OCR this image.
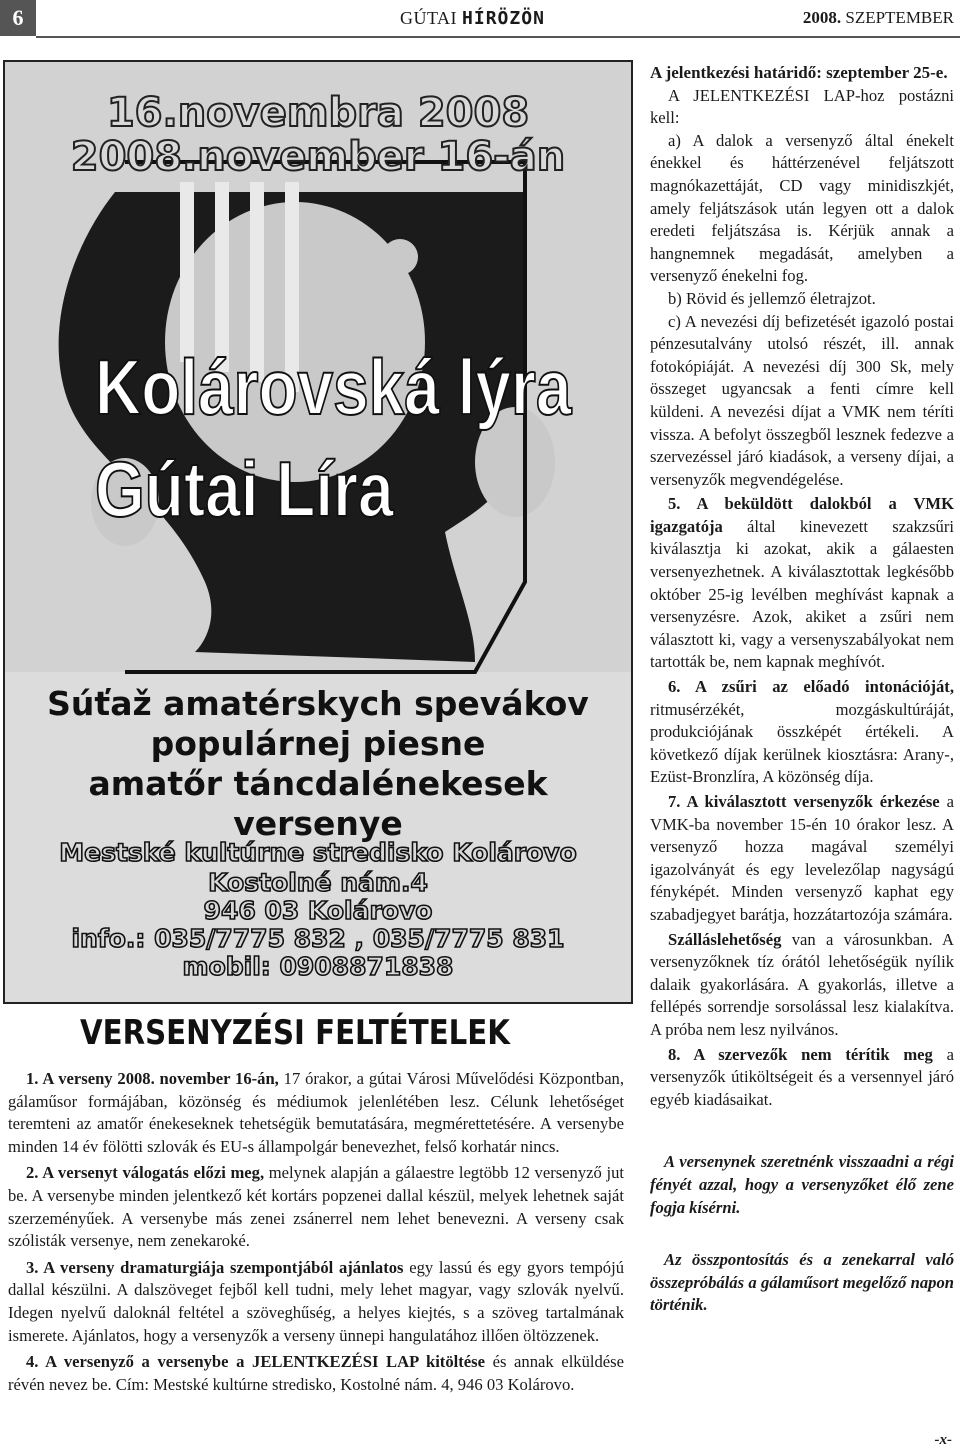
6	GÚTAI HÍRÖZÖN	2008. SZEPTEMBER
16.novembra 2008
2008.november 16-án
Kolárovská lýra
Gútai Líra
Súťaž amatérskych spevákov
populárnej piesne
amatőr táncdalénekesek
versenye
Mestské kultúrne stredisko Kolárovo
Kostolné nám.4
946 03 Kolárovo
info.: 035/7775 832 , 035/7775 831
mobil: 0908871838
VERSENYZÉSI FELTÉTELEK

1. A verseny 2008. november 16-án, 17 órakor, a gútai Városi Művelődési Központban, gálaműsor formájában, közönség és médiumok jelenlétében lesz. Célunk lehetőséget teremteni az amatőr énekeseknek tehetségük bemutatására, megmérettetésére. A versenybe minden 14 év fölötti szlovák és EU-s állampolgár benevezhet, felső korhatár nincs.

2. A versenyt válogatás előzi meg, melynek alapján a gálaestre legtöbb 12 versenyző jut be. A versenybe minden jelentkező két kortárs popzenei dallal készül, melyek lehetnek saját szerzeményűek. A versenybe más zenei zsánerrel nem lehet benevezni. A verseny csak szólisták versenye, nem zenekaroké.

3. A verseny dramaturgiája szempontjából ajánlatos egy lassú és egy gyors tempójú dallal készülni. A dalszöveget fejből kell tudni, mely lehet magyar, vagy szlovák nyelvű. Idegen nyelvű daloknál feltétel a szöveghűség, a helyes kiejtés, s a szöveg tartalmának ismerete. Ajánlatos, hogy a versenyzők a verseny ünnepi hangulatához illően öltözzenek.

4. A versenyző a versenybe a JELENTKEZÉSI LAP kitöltése és annak elküldése révén nevez be. Cím: Mestské kultúrne stredisko, Kostolné nám. 4, 946 03 Kolárovo.

A jelentkezési határidő: szeptember 25-e.

A JELENTKEZÉSI LAP-hoz postázni kell:

a) A dalok a versenyző által énekelt énekkel és háttérzenével feljátszott magnókazettáját, CD vagy minidiszkjét, amely feljátszások után legyen ott a dalok eredeti feljátszása is. Kérjük annak a hangnemnek megadását, amelyben a versenyző énekelni fog.

b) Rövid és jellemző életrajzot.

c) A nevezési díj befizetését igazoló postai pénzesutalvány utolsó részét, ill. annak fotokópiáját. A nevezési díj 300 Sk, mely összeget ugyancsak a fenti címre kell küldeni. A nevezési díjat a VMK nem téríti vissza. A befolyt összegből lesznek fedezve a szervezéssel járó kiadások, a verseny díjai, a versenyzők megvendégelése.

5. A beküldött dalokból a VMK igazgatója által kinevezett szakzsűri kiválasztja ki azokat, akik a gálaesten versenyezhetnek. A kiválasztottak legkésőbb október 25-ig levélben meghívást kapnak a versenyzésre. Azok, akiket a zsűri nem választott ki, vagy a versenyszabályokat nem tartották be, nem kapnak meghívót.

6. A zsűri az előadó intonációját, ritmusérzékét, mozgáskultúráját, produkciójának összképét értékeli. A következő díjak kerülnek kiosztásra: Arany-, Ezüst-Bronzlíra, A közönség díja.

7. A kiválasztott versenyzők érkezése a VMK-ba november 15-én 10 órakor lesz. A versenyző hozza magával személyi igazolványát és egy levelezőlap nagyságú fényképét. Minden versenyző kaphat egy szabadjegyet barátja, hozzátartozója számára.

Szálláslehetőség van a városunkban. A versenyzőknek tíz órától lehetőségük nyílik dalaik gyakorlására. A gyakorlás, illetve a fellépés sorrendje sorsolással lesz kialakítva. A próba nem lesz nyilvános.

8. A szervezők nem térítik meg a versenyzők útiköltségeit és a versennyel járó egyéb kiadásaikat.

A versenynek szeretnénk visszaadni a régi fényét azzal, hogy a versenyzőket élő zene fogja kísérni.

Az összpontosítás és a zenekarral való összepróbálás a gálaműsort megelőző napon történik.

-x-
